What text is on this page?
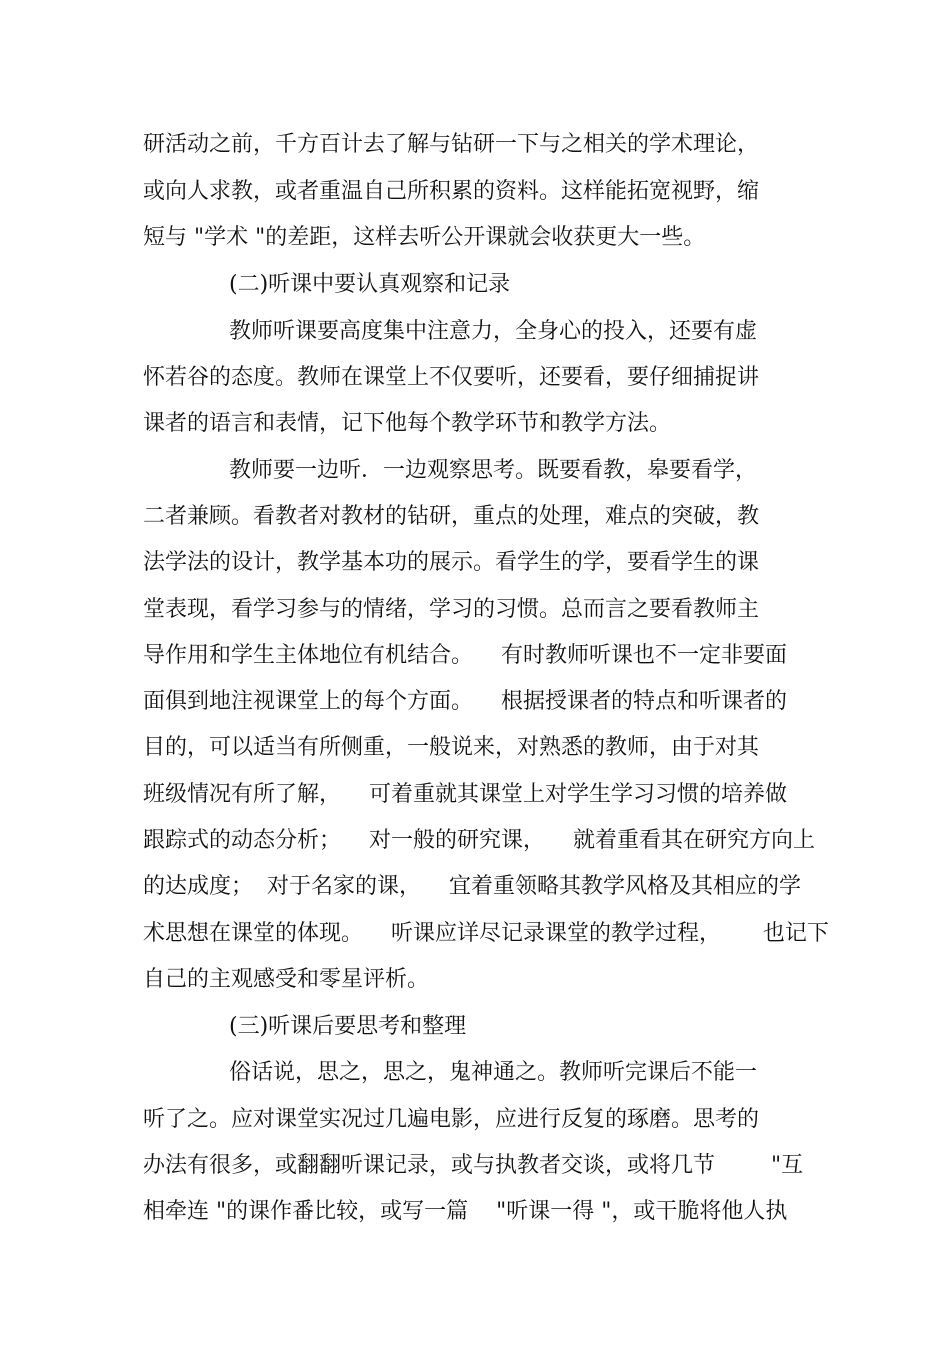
研活动之前，千方百计去了解与钻研一下与之相关的学术理论，
或向人求教，或者重温自己所积累的资料。这样能拓宽视野，缩
短与 "学术 "的差距，这样去听公开课就会收获更大一些。
(二)听课中要认真观察和记录
教师听课要高度集中注意力，全身心的投入，还要有虚
怀若谷的态度。教师在课堂上不仅要听，还要看，要仔细捕捉讲
课者的语言和表情，记下他每个教学环节和教学方法。
教师要一边听．一边观察思考。既要看教，皋要看学，
二者兼顾。看教者对教材的钻研，重点的处理，难点的突破，教
法学法的设计，教学基本功的展示。看学生的学，要看学生的课
堂表现，看学习参与的情绪，学习的习惯。总而言之要看教师主
导作用和学生主体地位有机结合。    有时教师听课也不一定非要面
面俱到地注视课堂上的每个方面。    根据授课者的特点和听课者的
目的，可以适当有所侧重，一般说来，对熟悉的教师，由于对其
班级情况有所了解，    可着重就其课堂上对学生学习习惯的培养做
跟踪式的动态分析；    对一般的研究课，    就着重看其在研究方向上
的达成度；  对于名家的课，    宜着重领略其教学风格及其相应的学
术思想在课堂的体现。    听课应详尽记录课堂的教学过程，      也记下
自己的主观感受和零星评析。
(三)听课后要思考和整理
俗话说，思之，思之，鬼神通之。教师听完课后不能一
听了之。应对课堂实况过几遍电影，应进行反复的琢磨。思考的
办法有很多，或翻翻听课记录，或与执教者交谈，或将几节        "互
相牵连 "的课作番比较，或写一篇    "听课一得 "，或干脆将他人执
